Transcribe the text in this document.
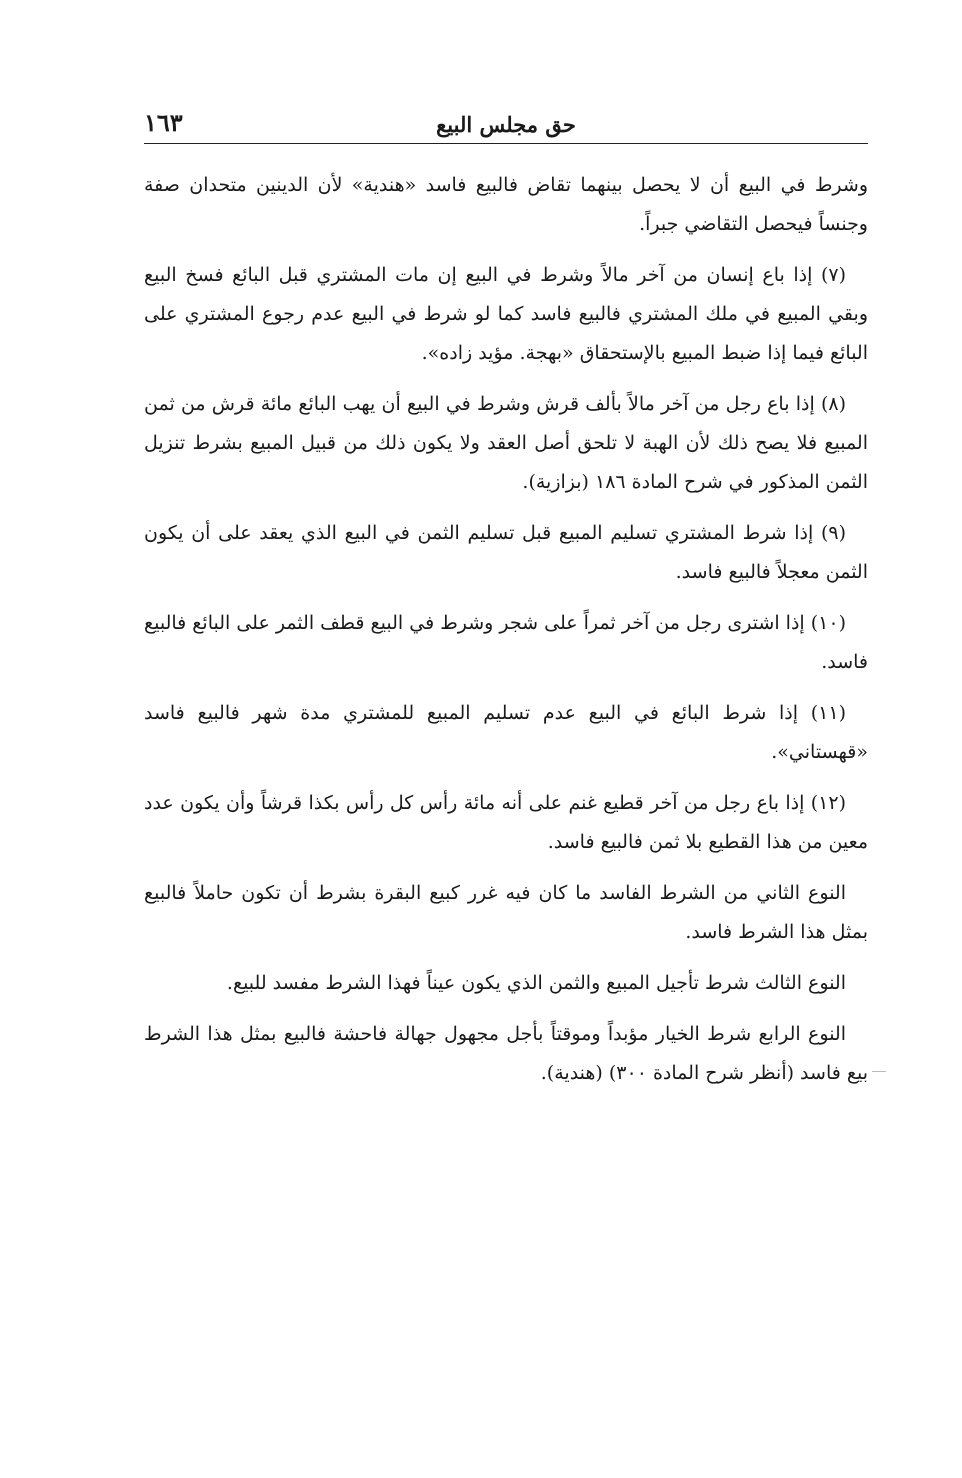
حق مجلس البيع
١٦٣

وشرط في البيع أن لا يحصل بينهما تقاض فالبيع فاسد «هندية» لأن الدينين متحدان صفة وجنساً فيحصل التقاضي جبراً.

(٧) إذا باع إنسان من آخر مالاً وشرط في البيع إن مات المشتري قبل البائع فسخ البيع وبقي المبيع في ملك المشتري فالبيع فاسد كما لو شرط في البيع عدم رجوع المشتري على البائع فيما إذا ضبط المبيع بالإستحقاق «بهجة. مؤيد زاده».

(٨) إذا باع رجل من آخر مالاً بألف قرش وشرط في البيع أن يهب البائع مائة قرش من ثمن المبيع فلا يصح ذلك لأن الهبة لا تلحق أصل العقد ولا يكون ذلك من قبيل المبيع بشرط تنزيل الثمن المذكور في شرح المادة ١٨٦ (بزازية).

(٩) إذا شرط المشتري تسليم المبيع قبل تسليم الثمن في البيع الذي يعقد على أن يكون الثمن معجلاً فالبيع فاسد.

(١٠) إذا اشترى رجل من آخر ثمراً على شجر وشرط في البيع قطف الثمر على البائع فالبيع فاسد.

(١١) إذا شرط البائع في البيع عدم تسليم المبيع للمشتري مدة شهر فالبيع فاسد «قهستاني».

(١٢) إذا باع رجل من آخر قطيع غنم على أنه مائة رأس كل رأس بكذا قرشاً وأن يكون عدد معين من هذا القطيع بلا ثمن فالبيع فاسد.

النوع الثاني من الشرط الفاسد ما كان فيه غرر كبيع البقرة بشرط أن تكون حاملاً فالبيع بمثل هذا الشرط فاسد.

النوع الثالث شرط تأجيل المبيع والثمن الذي يكون عيناً فهذا الشرط مفسد للبيع.

النوع الرابع شرط الخيار مؤبداً وموقتاً بأجل مجهول جهالة فاحشة فالبيع بمثل هذا الشرط بيع فاسد (أنظر شرح المادة ٣٠٠) (هندية).
